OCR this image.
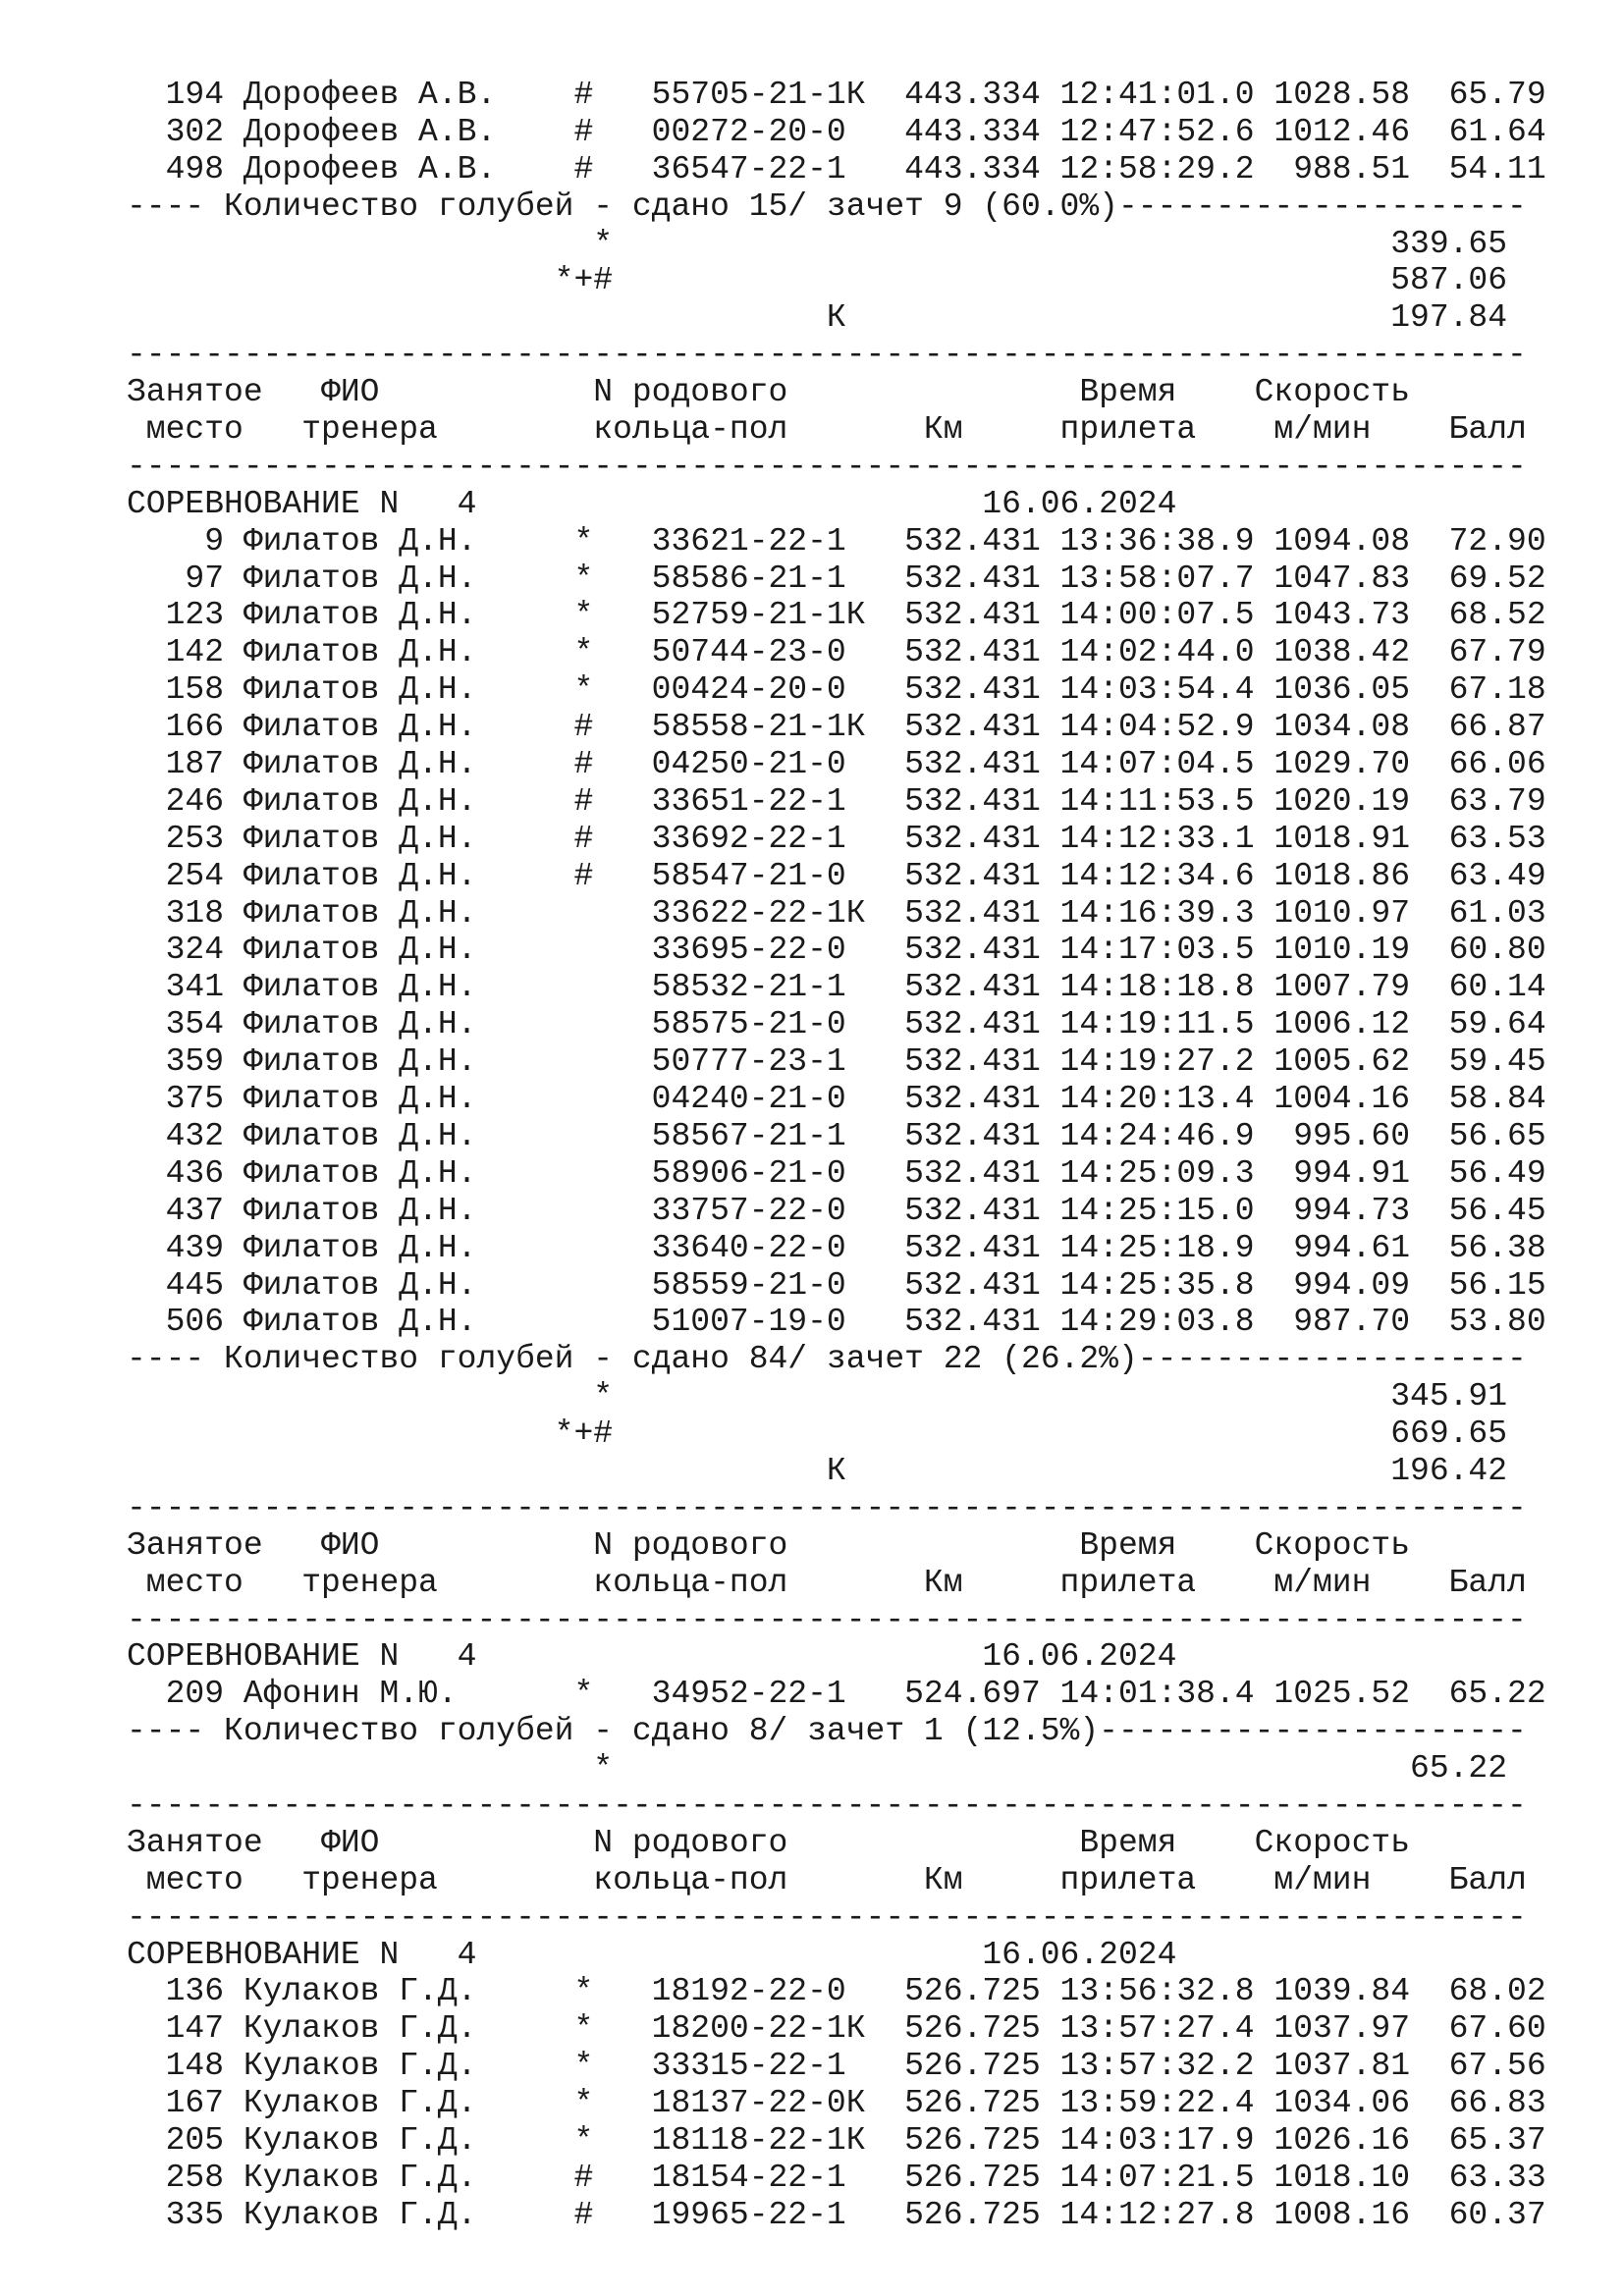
194 Дорофеев А.В.    #   55705-21-1К  443.334 12:41:01.0 1028.58  65.79
302 Дорофеев А.В.    #   00272-20-0   443.334 12:47:52.6 1012.46  61.64
498 Дорофеев А.В.    #   36547-22-1   443.334 12:58:29.2  988.51  54.11
---- Количество голубей - сдано 15/ зачет 9 (60.0%)---------------------
*                                        339.65
*+#                                        587.06
К                            197.84
------------------------------------------------------------------------
Занятое   ФИО           N родового               Время    Скорость
место   тренера        кольца-пол       Км     прилета    м/мин    Балл
------------------------------------------------------------------------
СОРЕВНОВАНИЕ N   4                          16.06.2024
9 Филатов Д.Н.     *   33621-22-1   532.431 13:36:38.9 1094.08  72.90
97 Филатов Д.Н.     *   58586-21-1   532.431 13:58:07.7 1047.83  69.52
123 Филатов Д.Н.     *   52759-21-1К  532.431 14:00:07.5 1043.73  68.52
142 Филатов Д.Н.     *   50744-23-0   532.431 14:02:44.0 1038.42  67.79
158 Филатов Д.Н.     *   00424-20-0   532.431 14:03:54.4 1036.05  67.18
166 Филатов Д.Н.     #   58558-21-1К  532.431 14:04:52.9 1034.08  66.87
187 Филатов Д.Н.     #   04250-21-0   532.431 14:07:04.5 1029.70  66.06
246 Филатов Д.Н.     #   33651-22-1   532.431 14:11:53.5 1020.19  63.79
253 Филатов Д.Н.     #   33692-22-1   532.431 14:12:33.1 1018.91  63.53
254 Филатов Д.Н.     #   58547-21-0   532.431 14:12:34.6 1018.86  63.49
318 Филатов Д.Н.         33622-22-1К  532.431 14:16:39.3 1010.97  61.03
324 Филатов Д.Н.         33695-22-0   532.431 14:17:03.5 1010.19  60.80
341 Филатов Д.Н.         58532-21-1   532.431 14:18:18.8 1007.79  60.14
354 Филатов Д.Н.         58575-21-0   532.431 14:19:11.5 1006.12  59.64
359 Филатов Д.Н.         50777-23-1   532.431 14:19:27.2 1005.62  59.45
375 Филатов Д.Н.         04240-21-0   532.431 14:20:13.4 1004.16  58.84
432 Филатов Д.Н.         58567-21-1   532.431 14:24:46.9  995.60  56.65
436 Филатов Д.Н.         58906-21-0   532.431 14:25:09.3  994.91  56.49
437 Филатов Д.Н.         33757-22-0   532.431 14:25:15.0  994.73  56.45
439 Филатов Д.Н.         33640-22-0   532.431 14:25:18.9  994.61  56.38
445 Филатов Д.Н.         58559-21-0   532.431 14:25:35.8  994.09  56.15
506 Филатов Д.Н.         51007-19-0   532.431 14:29:03.8  987.70  53.80
---- Количество голубей - сдано 84/ зачет 22 (26.2%)--------------------
*                                        345.91
*+#                                        669.65
К                            196.42
------------------------------------------------------------------------
Занятое   ФИО           N родового               Время    Скорость
место   тренера        кольца-пол       Км     прилета    м/мин    Балл
------------------------------------------------------------------------
СОРЕВНОВАНИЕ N   4                          16.06.2024
209 Афонин М.Ю.      *   34952-22-1   524.697 14:01:38.4 1025.52  65.22
---- Количество голубей - сдано 8/ зачет 1 (12.5%)----------------------
*                                         65.22
------------------------------------------------------------------------
Занятое   ФИО           N родового               Время    Скорость
место   тренера        кольца-пол       Км     прилета    м/мин    Балл
------------------------------------------------------------------------
СОРЕВНОВАНИЕ N   4                          16.06.2024
136 Кулаков Г.Д.     *   18192-22-0   526.725 13:56:32.8 1039.84  68.02
147 Кулаков Г.Д.     *   18200-22-1К  526.725 13:57:27.4 1037.97  67.60
148 Кулаков Г.Д.     *   33315-22-1   526.725 13:57:32.2 1037.81  67.56
167 Кулаков Г.Д.     *   18137-22-0К  526.725 13:59:22.4 1034.06  66.83
205 Кулаков Г.Д.     *   18118-22-1К  526.725 14:03:17.9 1026.16  65.37
258 Кулаков Г.Д.     #   18154-22-1   526.725 14:07:21.5 1018.10  63.33
335 Кулаков Г.Д.     #   19965-22-1   526.725 14:12:27.8 1008.16  60.37
